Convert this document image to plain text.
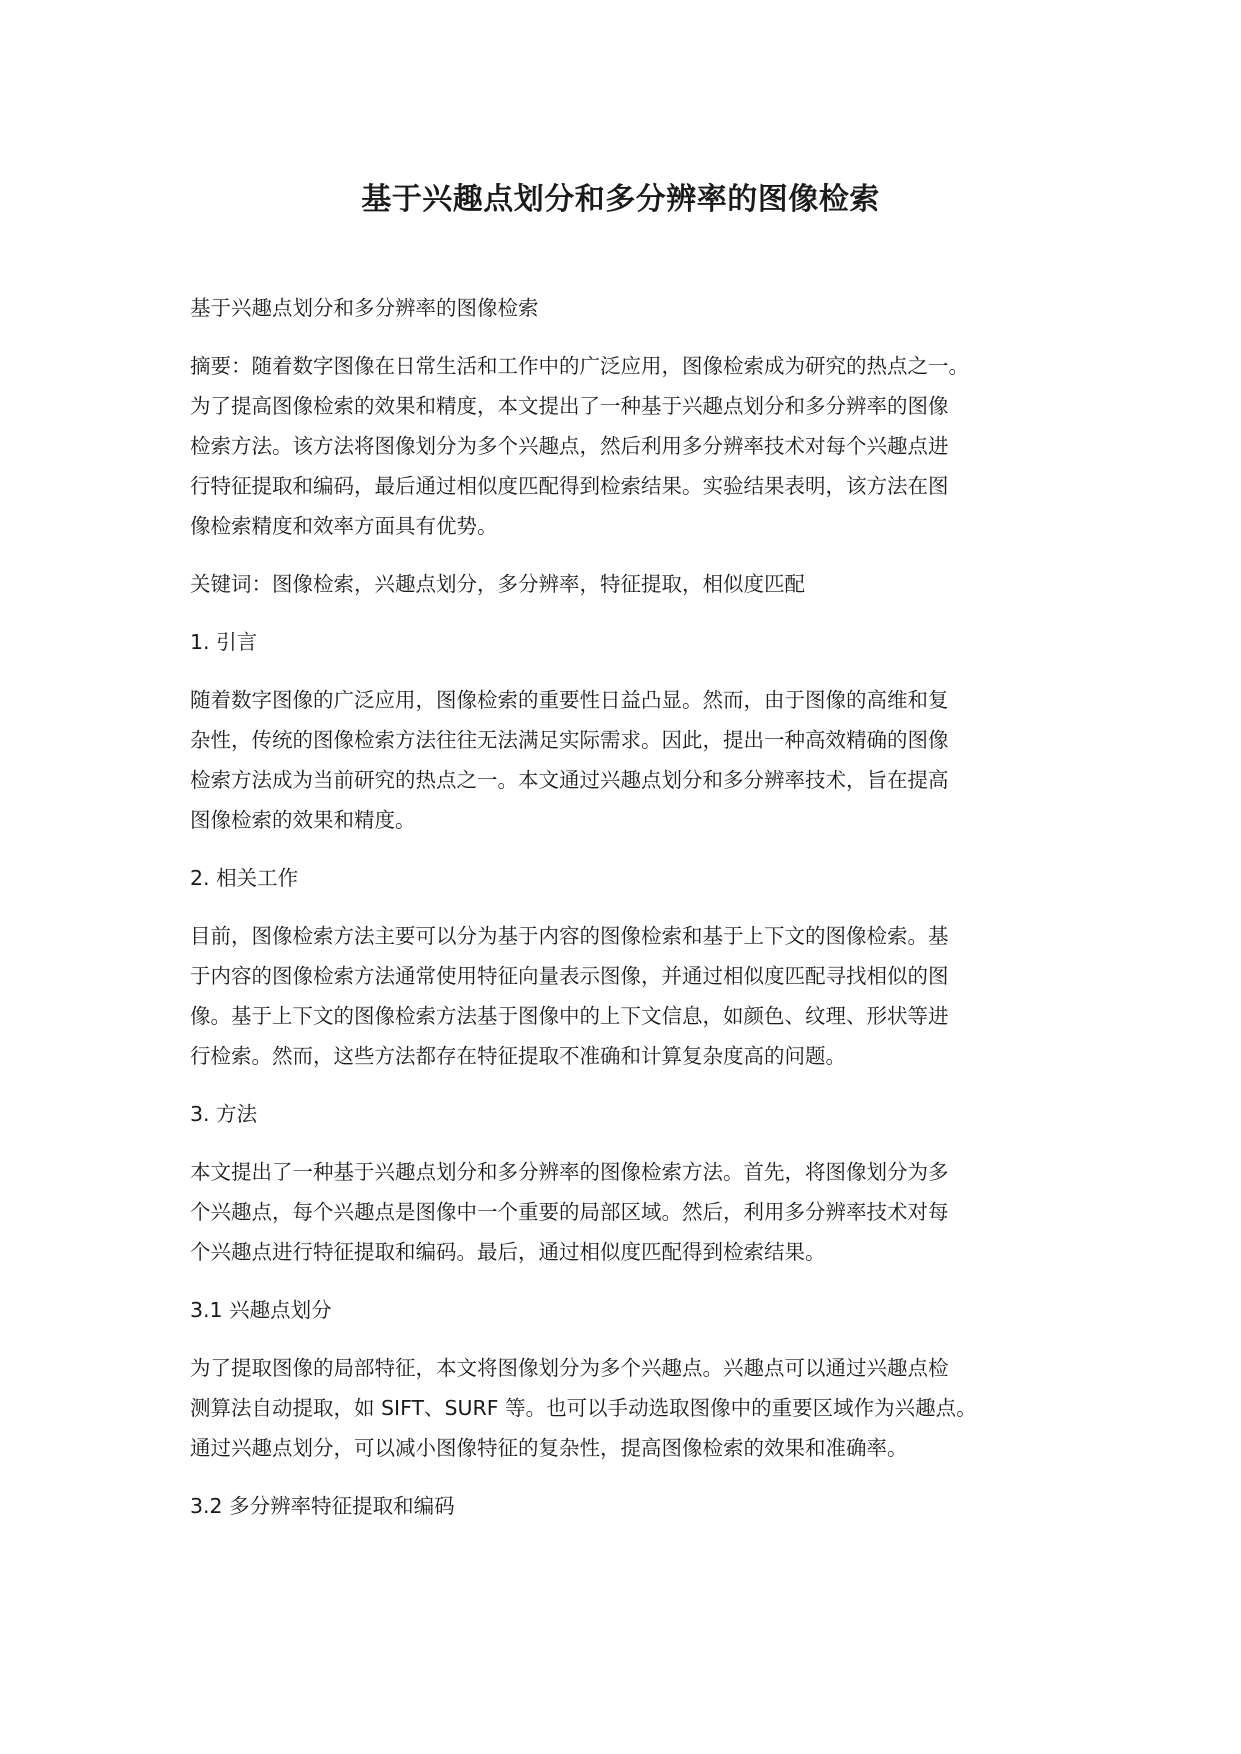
基于兴趣点划分和多分辨率的图像检索

基于兴趣点划分和多分辨率的图像检索

摘要：随着数字图像在日常生活和工作中的广泛应用，图像检索成为研究的热点之一。
为了提高图像检索的效果和精度，本文提出了一种基于兴趣点划分和多分辨率的图像
检索方法。该方法将图像划分为多个兴趣点，然后利用多分辨率技术对每个兴趣点进
行特征提取和编码，最后通过相似度匹配得到检索结果。实验结果表明，该方法在图
像检索精度和效率方面具有优势。

关键词：图像检索，兴趣点划分，多分辨率，特征提取，相似度匹配

1. 引言

随着数字图像的广泛应用，图像检索的重要性日益凸显。然而，由于图像的高维和复
杂性，传统的图像检索方法往往无法满足实际需求。因此，提出一种高效精确的图像
检索方法成为当前研究的热点之一。本文通过兴趣点划分和多分辨率技术，旨在提高
图像检索的效果和精度。

2. 相关工作

目前，图像检索方法主要可以分为基于内容的图像检索和基于上下文的图像检索。基
于内容的图像检索方法通常使用特征向量表示图像，并通过相似度匹配寻找相似的图
像。基于上下文的图像检索方法基于图像中的上下文信息，如颜色、纹理、形状等进
行检索。然而，这些方法都存在特征提取不准确和计算复杂度高的问题。

3. 方法

本文提出了一种基于兴趣点划分和多分辨率的图像检索方法。首先，将图像划分为多
个兴趣点，每个兴趣点是图像中一个重要的局部区域。然后，利用多分辨率技术对每
个兴趣点进行特征提取和编码。最后，通过相似度匹配得到检索结果。

3.1 兴趣点划分

为了提取图像的局部特征，本文将图像划分为多个兴趣点。兴趣点可以通过兴趣点检
测算法自动提取，如 SIFT、SURF 等。也可以手动选取图像中的重要区域作为兴趣点。
通过兴趣点划分，可以减小图像特征的复杂性，提高图像检索的效果和准确率。

3.2 多分辨率特征提取和编码
